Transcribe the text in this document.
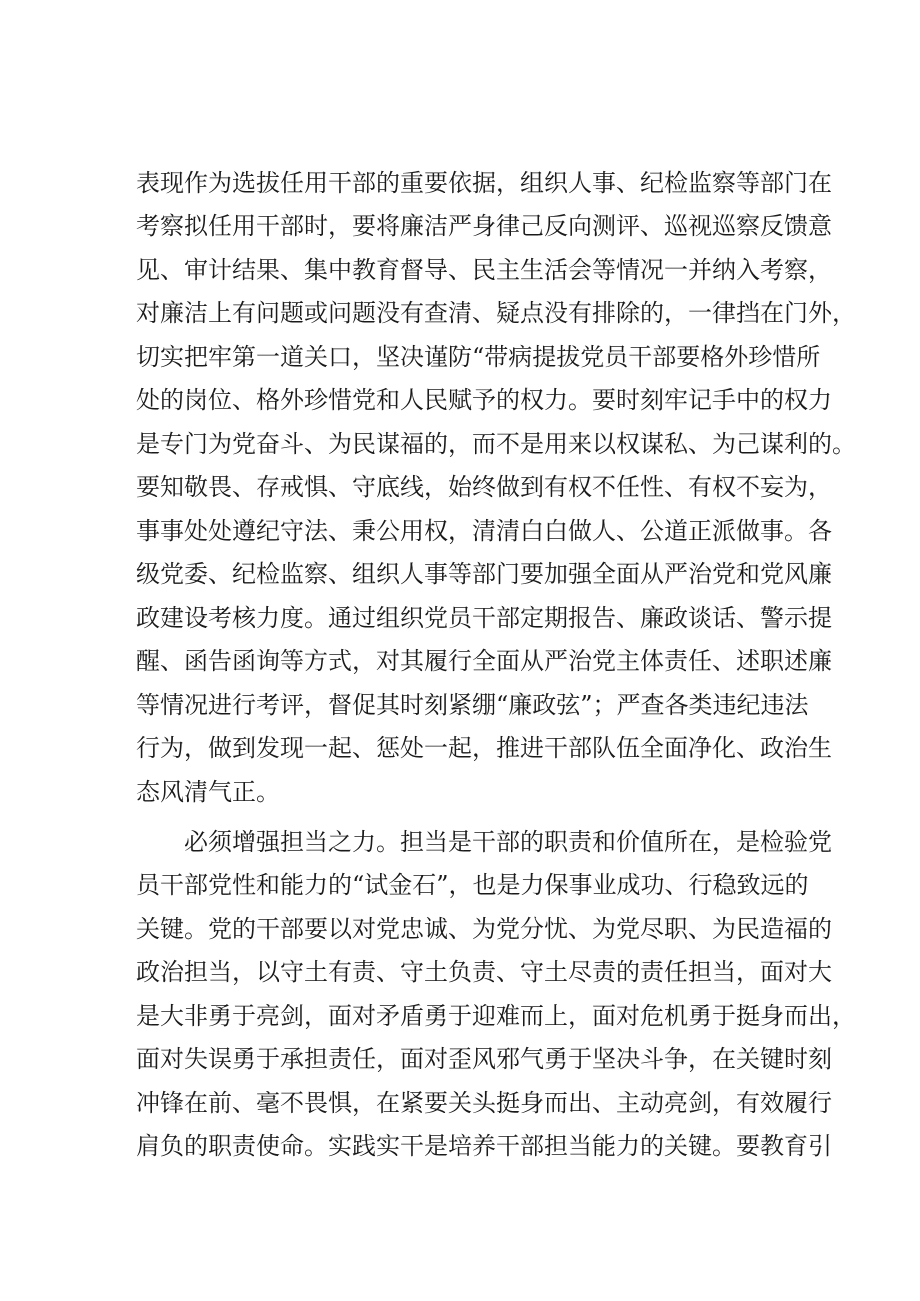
表现作为选拔任用干部的重要依据，组织人事、纪检监察等部门在
考察拟任用干部时，要将廉洁严身律己反向测评、巡视巡察反馈意
见、审计结果、集中教育督导、民主生活会等情况一并纳入考察，
对廉洁上有问题或问题没有查清、疑点没有排除的，一律挡在门外，
切实把牢第一道关口，坚决谨防“带病提拔党员干部要格外珍惜所
处的岗位、格外珍惜党和人民赋予的权力。要时刻牢记手中的权力
是专门为党奋斗、为民谋福的，而不是用来以权谋私、为己谋利的。
要知敬畏、存戒惧、守底线，始终做到有权不任性、有权不妄为，
事事处处遵纪守法、秉公用权，清清白白做人、公道正派做事。各
级党委、纪检监察、组织人事等部门要加强全面从严治党和党风廉
政建设考核力度。通过组织党员干部定期报告、廉政谈话、警示提
醒、函告函询等方式，对其履行全面从严治党主体责任、述职述廉
等情况进行考评，督促其时刻紧绷“廉政弦”；严查各类违纪违法
行为，做到发现一起、惩处一起，推进干部队伍全面净化、政治生
态风清气正。
必须增强担当之力。担当是干部的职责和价值所在，是检验党
员干部党性和能力的“试金石”，也是力保事业成功、行稳致远的
关键。党的干部要以对党忠诚、为党分忧、为党尽职、为民造福的
政治担当，以守土有责、守土负责、守土尽责的责任担当，面对大
是大非勇于亮剑，面对矛盾勇于迎难而上，面对危机勇于挺身而出，
面对失误勇于承担责任，面对歪风邪气勇于坚决斗争，在关键时刻
冲锋在前、毫不畏惧，在紧要关头挺身而出、主动亮剑，有效履行
肩负的职责使命。实践实干是培养干部担当能力的关键。要教育引
